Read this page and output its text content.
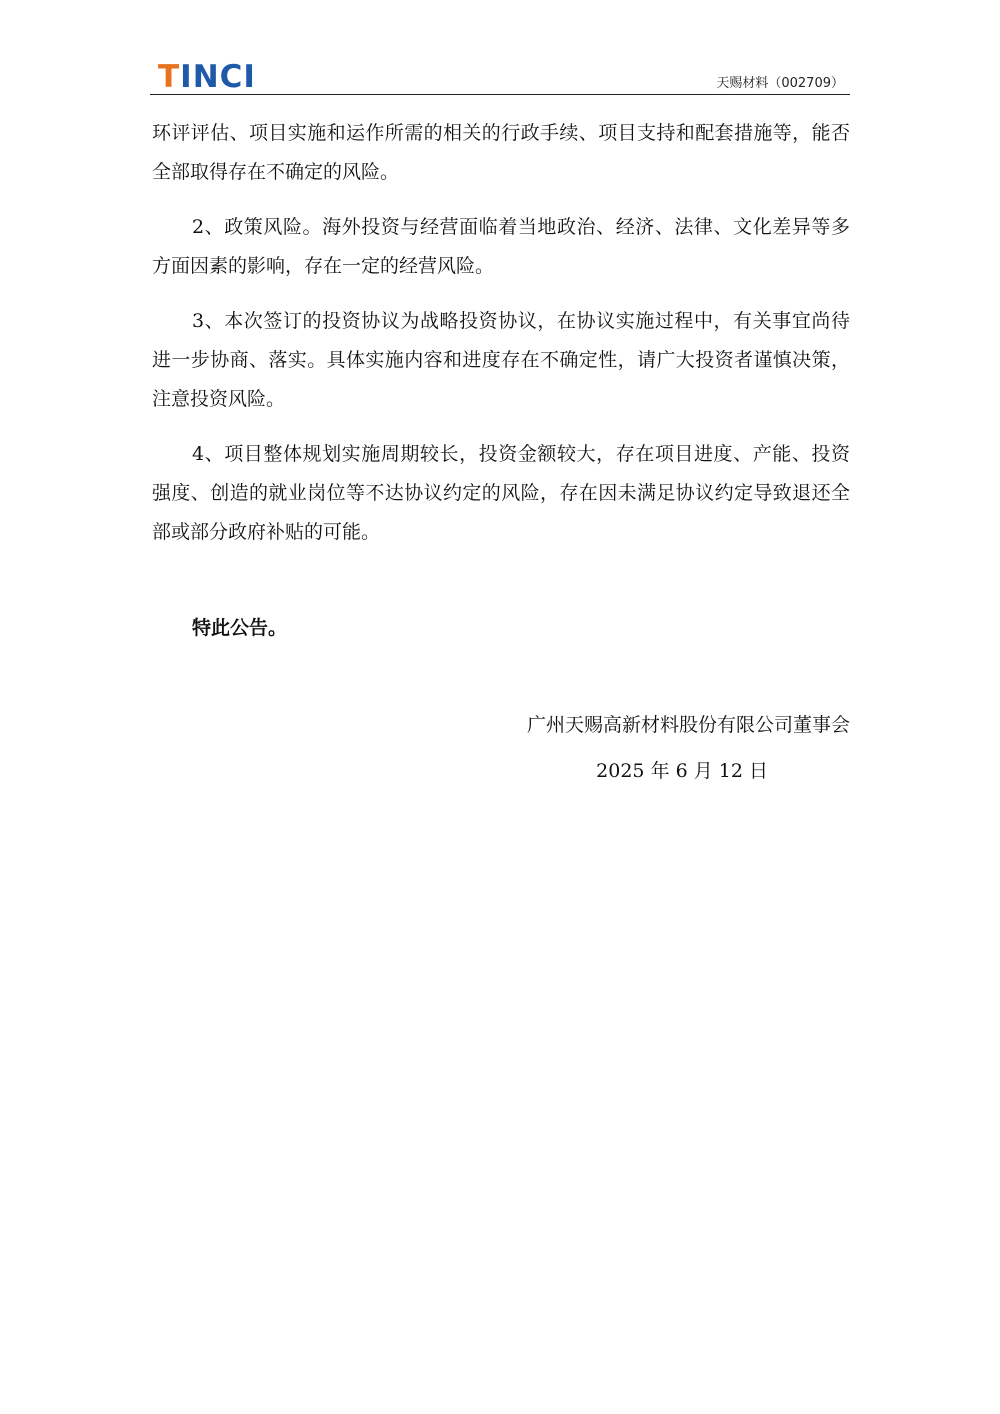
TINCI	天赐材料（002709）

环评评估、项目实施和运作所需的相关的行政手续、项目支持和配套措施等，能否全部取得存在不确定的风险。

2、政策风险。海外投资与经营面临着当地政治、经济、法律、文化差异等多方面因素的影响，存在一定的经营风险。

3、本次签订的投资协议为战略投资协议，在协议实施过程中，有关事宜尚待进一步协商、落实。具体实施内容和进度存在不确定性，请广大投资者谨慎决策，注意投资风险。

4、项目整体规划实施周期较长，投资金额较大，存在项目进度、产能、投资强度、创造的就业岗位等不达协议约定的风险，存在因未满足协议约定导致退还全部或部分政府补贴的可能。

特此公告。
广州天赐高新材料股份有限公司董事会
2025 年 6 月 12 日
